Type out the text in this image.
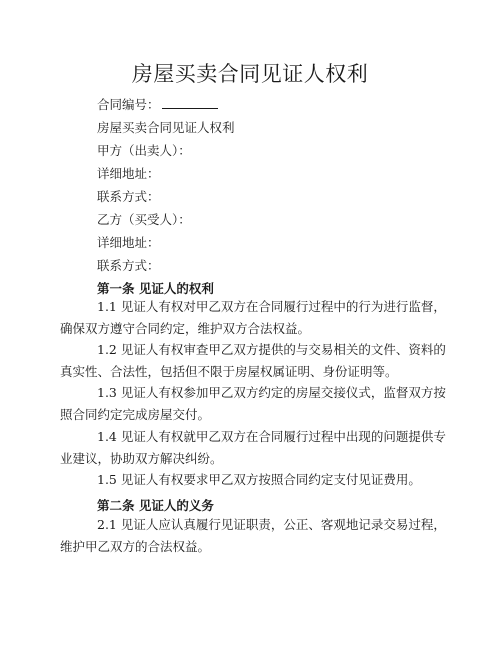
房屋买卖合同见证人权利
合同编号：
房屋买卖合同见证人权利
甲方（出卖人）：
详细地址：
联系方式：
乙方（买受人）：
详细地址：
联系方式：
第一条 见证人的权利
1.1 见证人有权对甲乙双方在合同履行过程中的行为进行监督，
确保双方遵守合同约定，维护双方合法权益。
1.2 见证人有权审查甲乙双方提供的与交易相关的文件、资料的
真实性、合法性，包括但不限于房屋权属证明、身份证明等。
1.3 见证人有权参加甲乙双方约定的房屋交接仪式，监督双方按
照合同约定完成房屋交付。
1.4 见证人有权就甲乙双方在合同履行过程中出现的问题提供专
业建议，协助双方解决纠纷。
1.5 见证人有权要求甲乙双方按照合同约定支付见证费用。
第二条 见证人的义务
2.1 见证人应认真履行见证职责，公正、客观地记录交易过程，
维护甲乙双方的合法权益。
